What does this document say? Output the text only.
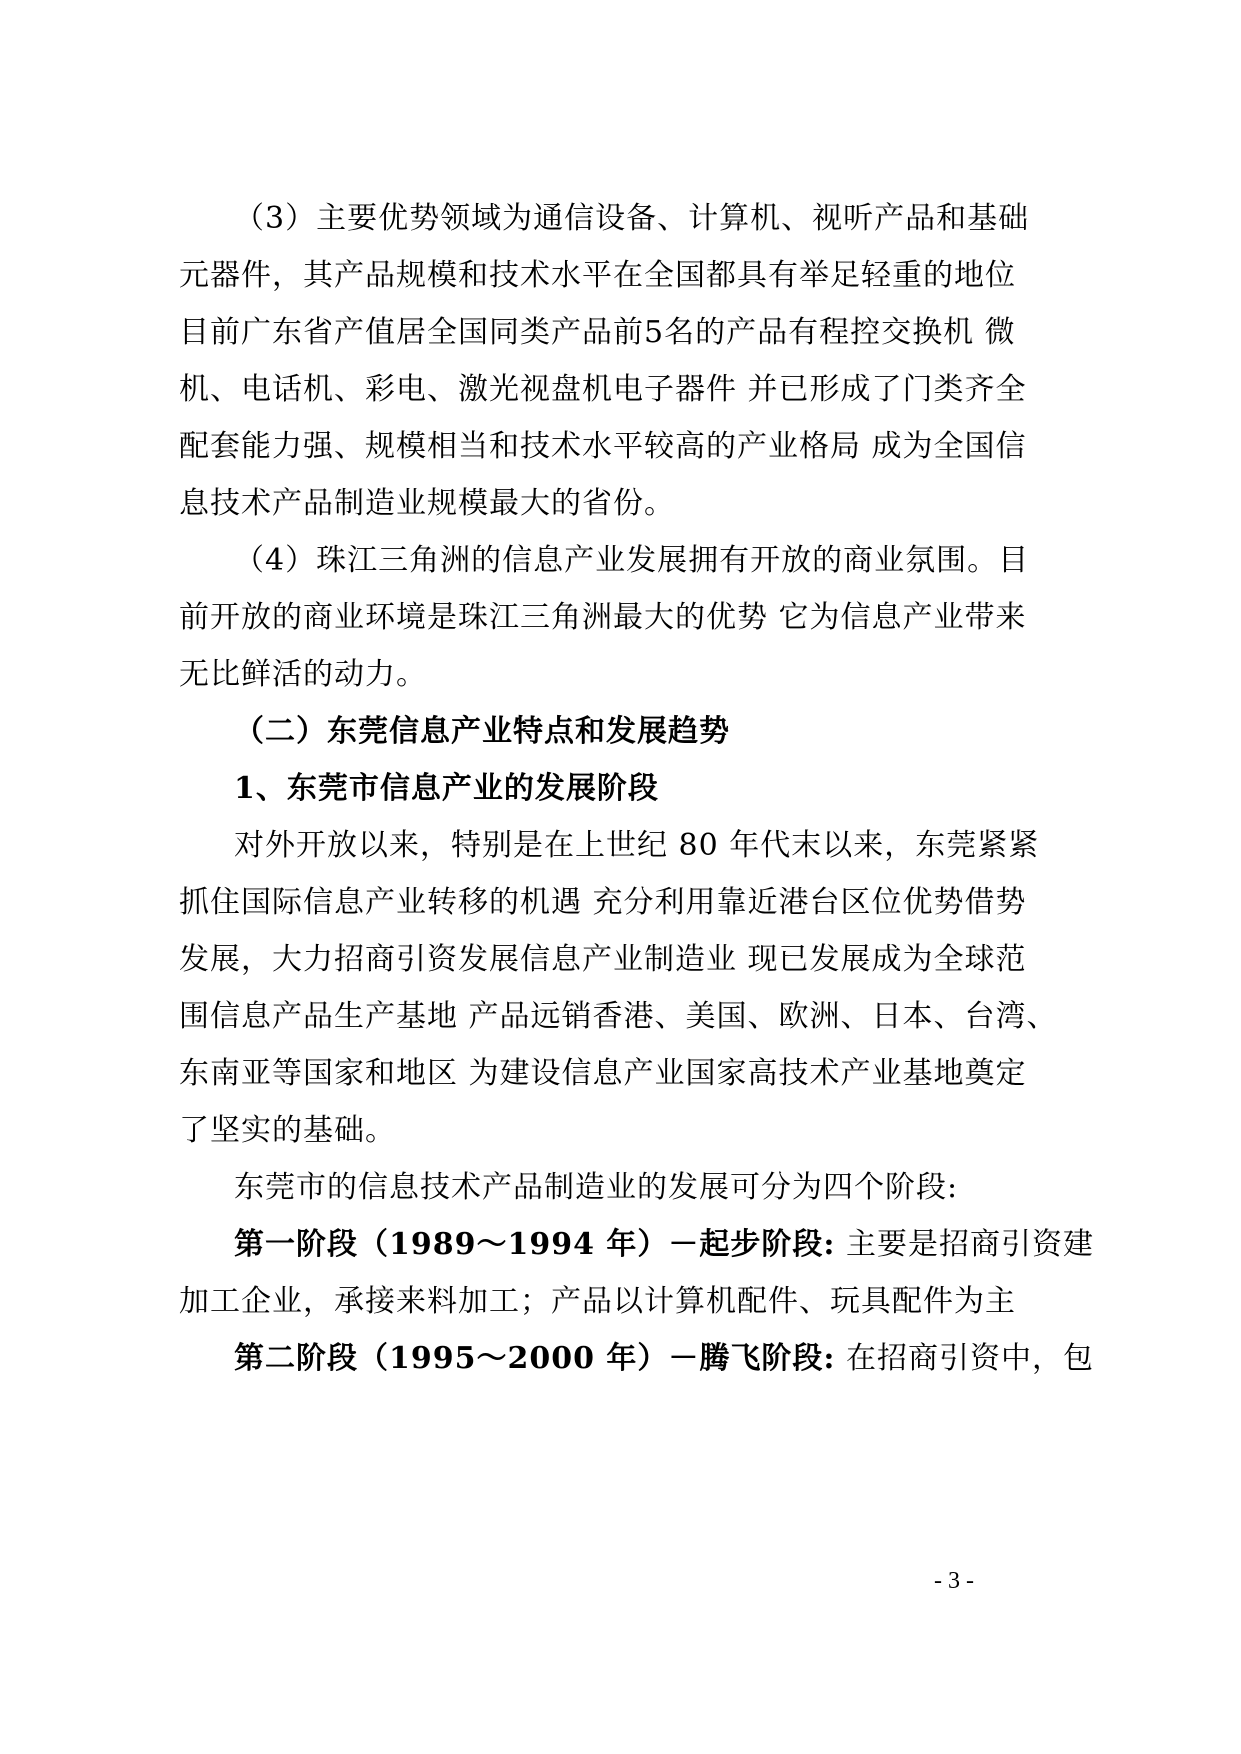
（3）主要优势领域为通信设备、计算机、视听产品和基础
元器件，其产品规模和技术水平在全国都具有举足轻重的地位
目前广东省产值居全国同类产品前5名的产品有程控交换机 微
机、电话机、彩电、激光视盘机电子器件 并已形成了门类齐全
配套能力强、规模相当和技术水平较高的产业格局 成为全国信
息技术产品制造业规模最大的省份。
（4）珠江三角洲的信息产业发展拥有开放的商业氛围。目
前开放的商业环境是珠江三角洲最大的优势 它为信息产业带来
无比鲜活的动力。
（二）东莞信息产业特点和发展趋势
1、东莞市信息产业的发展阶段
对外开放以来，特别是在上世纪 80 年代末以来，东莞紧紧
抓住国际信息产业转移的机遇 充分利用靠近港台区位优势借势
发展，大力招商引资发展信息产业制造业 现已发展成为全球范
围信息产品生产基地 产品远销香港、美国、欧洲、日本、台湾、
东南亚等国家和地区 为建设信息产业国家高技术产业基地奠定
了坚实的基础。
东莞市的信息技术产品制造业的发展可分为四个阶段:
第一阶段（1989～1994 年）－起步阶段: 主要是招商引资建
加工企业，承接来料加工；产品以计算机配件、玩具配件为主
第二阶段（1995～2000 年）－腾飞阶段: 在招商引资中，包
- 3 -
